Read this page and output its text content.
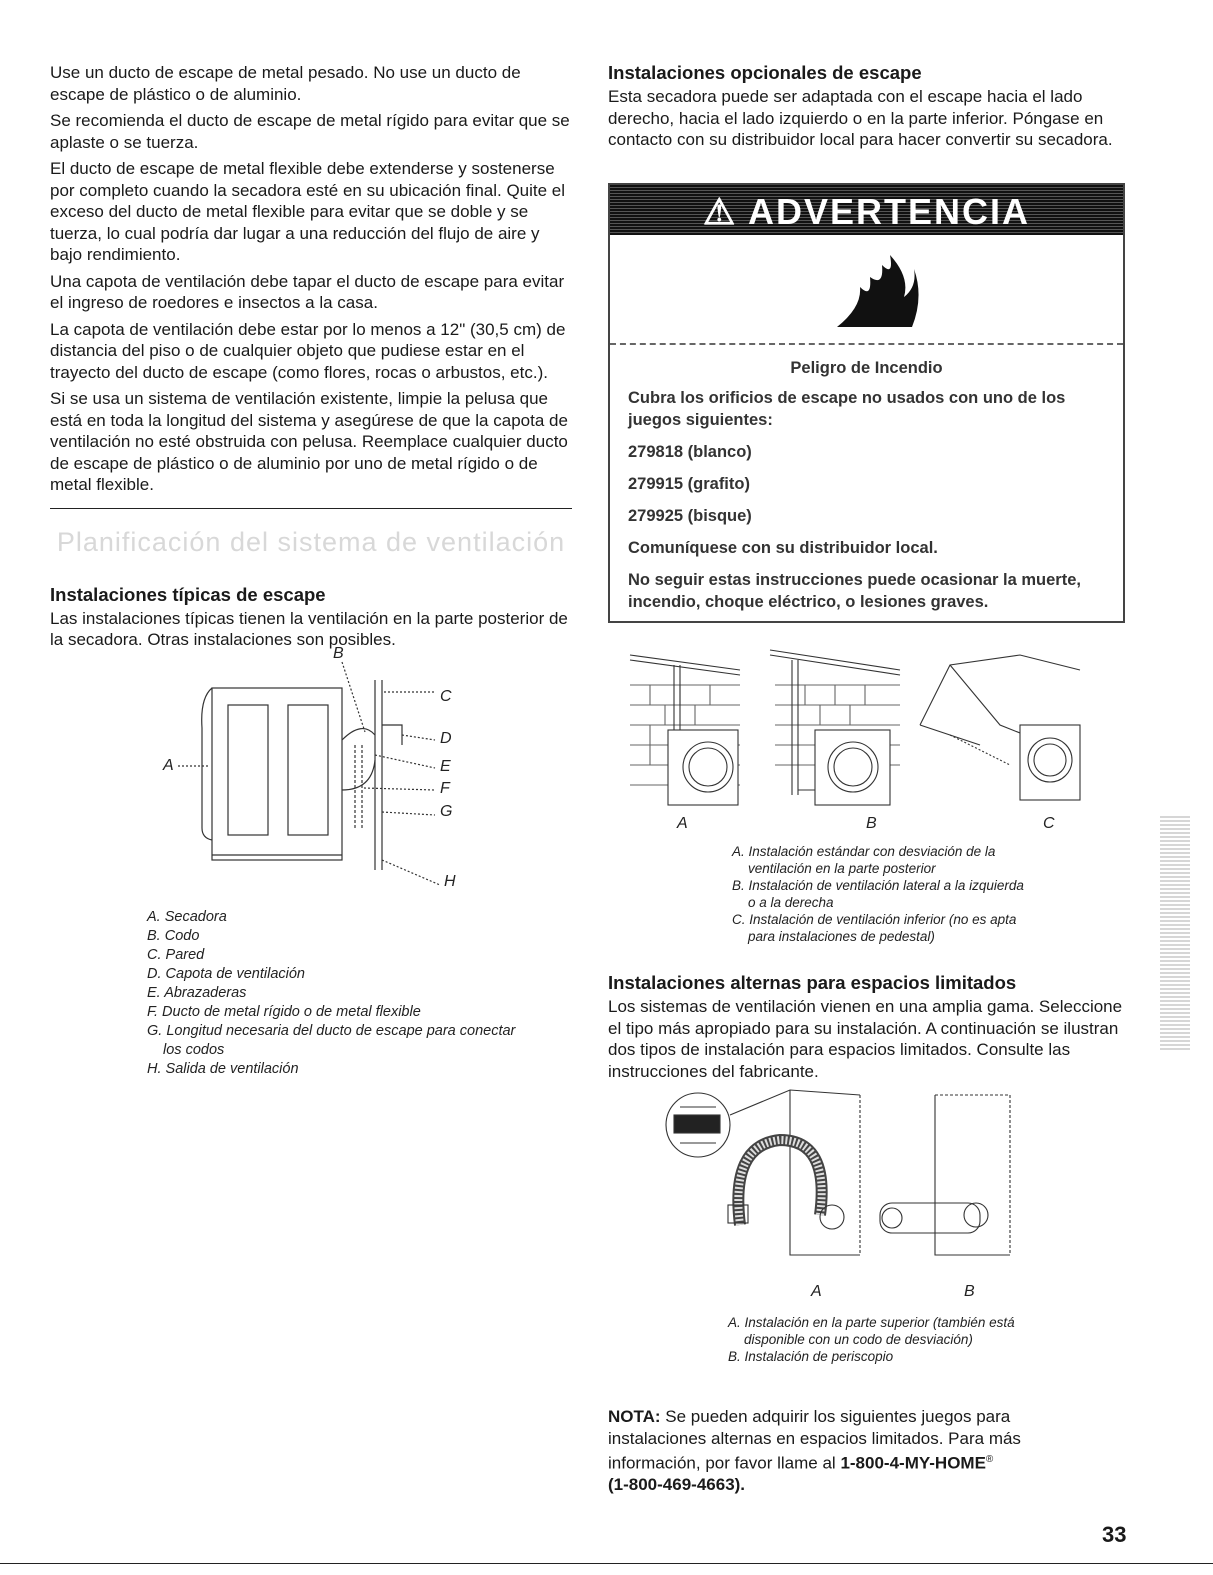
Use un ducto de escape de metal pesado. No use un ducto de escape de plástico o de aluminio.

Se recomienda el ducto de escape de metal rígido para evitar que se aplaste o se tuerza.

El ducto de escape de metal flexible debe extenderse y sostenerse por completo cuando la secadora esté en su ubicación final. Quite el exceso del ducto de metal flexible para evitar que se doble y se tuerza, lo cual podría dar lugar a una reducción del flujo de aire y bajo rendimiento.

Una capota de ventilación debe tapar el ducto de escape para evitar el ingreso de roedores e insectos a la casa.

La capota de ventilación debe estar por lo menos a 12" (30,5 cm) de distancia del piso o de cualquier objeto que pudiese estar en el trayecto del ducto de escape (como flores, rocas o arbustos, etc.).

Si se usa un sistema de ventilación existente, limpie la pelusa que está en toda la longitud del sistema y asegúrese de que la capota de ventilación no esté obstruida con pelusa. Reemplace cualquier ducto de escape de plástico o de aluminio por uno de metal rígido o de metal flexible.

Planificación del sistema de ventilación
Instalaciones típicas de escape

Las instalaciones típicas tienen la ventilación en la parte posterior de la secadora. Otras instalaciones son posibles.

B
C
D
E
F
G
H
A
A. Secadora
B. Codo
C. Pared
D. Capota de ventilación
E. Abrazaderas
F. Ducto de metal rígido o de metal flexible
G. Longitud necesaria del ducto de escape para conectar
los codos
H. Salida de ventilación
Instalaciones opcionales de escape

Esta secadora puede ser adaptada con el escape hacia el lado derecho, hacia el lado izquierdo o en la parte inferior. Póngase en contacto con su distribuidor local para hacer convertir su secadora.

⚠ ADVERTENCIA
Peligro de Incendio

Cubra los orificios de escape no usados con uno de los juegos siguientes:

279818 (blanco)

279915 (grafito)

279925 (bisque)

Comuníquese con su distribuidor local.

No seguir estas instrucciones puede ocasionar la muerte, incendio, choque eléctrico, o lesiones graves.

A	B	C
A. Instalación estándar con desviación de la
ventilación en la parte posterior
B. Instalación de ventilación lateral a la izquierda
o a la derecha
C. Instalación de ventilación inferior (no es apta
para instalaciones de pedestal)
Instalaciones alternas para espacios limitados

Los sistemas de ventilación vienen en una amplia gama. Seleccione el tipo más apropiado para su instalación. A continuación se ilustran dos tipos de instalación para espacios limitados. Consulte las instrucciones del fabricante.

A	B
A. Instalación en la parte superior (también está
disponible con un codo de desviación)
B. Instalación de periscopio
NOTA: Se pueden adquirir los siguientes juegos para instalaciones alternas en espacios limitados. Para más información, por favor llame al 1-800-4-MY-HOME®
(1-800-469-4663).
33
